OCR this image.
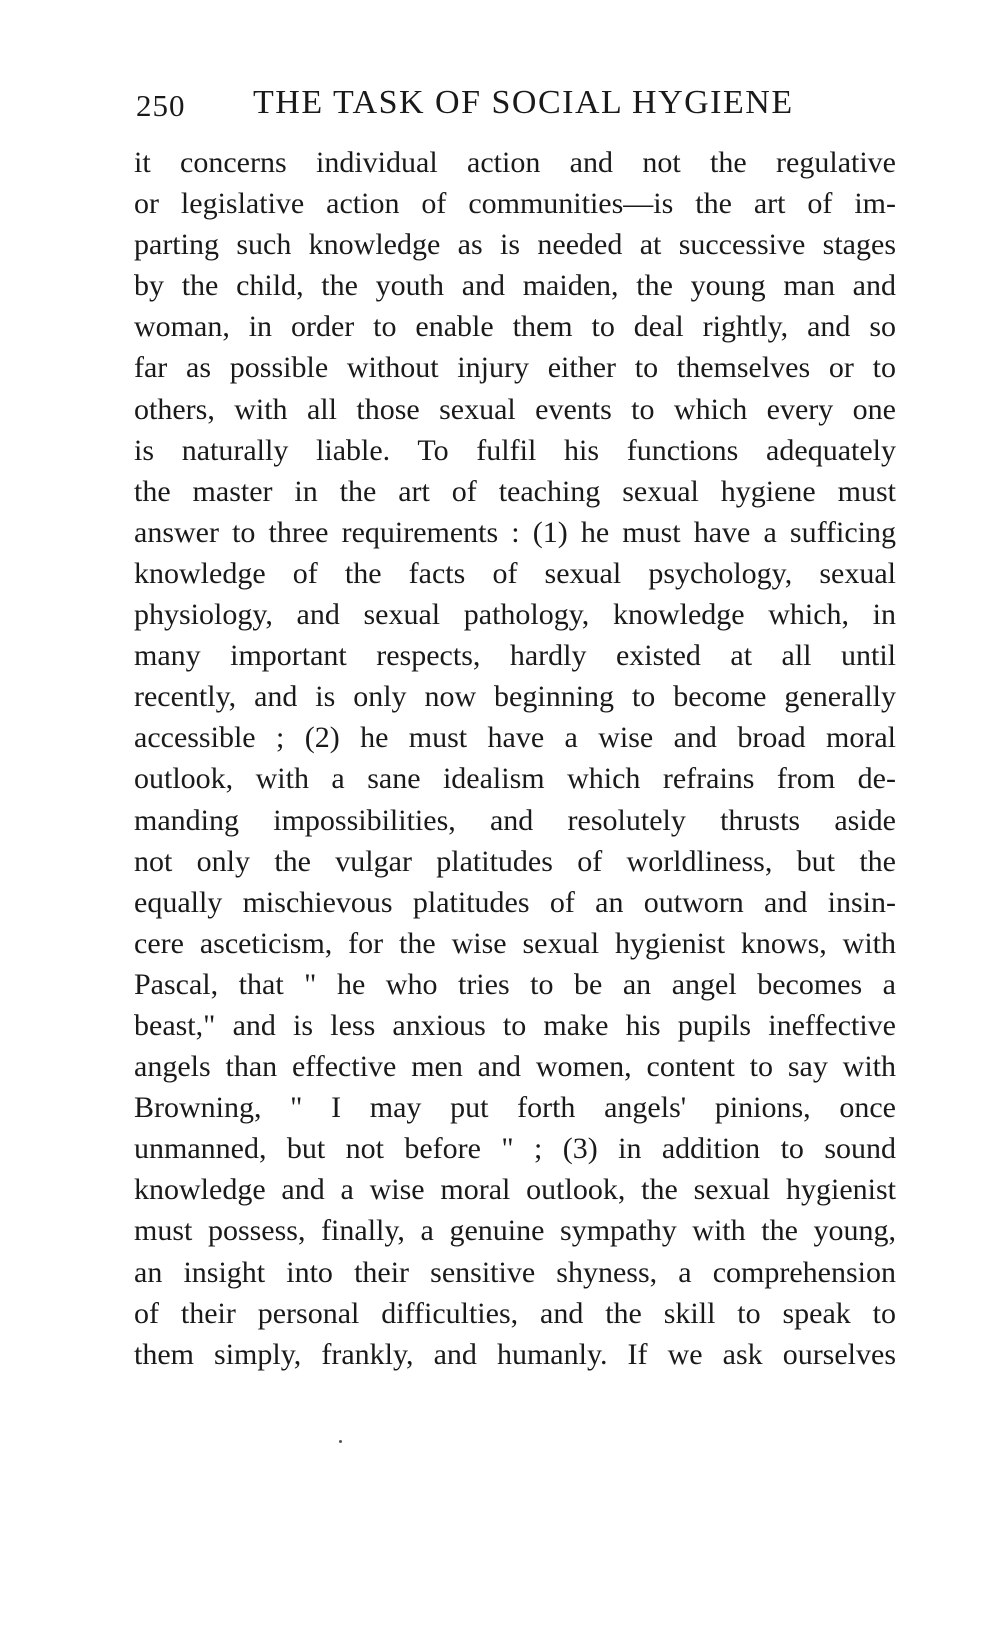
250 THE TASK OF SOCIAL HYGIENE
it concerns individual action and not the regulative
or legislative action of communities—is the art of im-
parting such knowledge as is needed at successive stages
by the child, the youth and maiden, the young man and
woman, in order to enable them to deal rightly, and so
far as possible without injury either to themselves or to
others, with all those sexual events to which every one
is naturally liable. To fulfil his functions adequately
the master in the art of teaching sexual hygiene must
answer to three requirements : (1) he must have a sufficing
knowledge of the facts of sexual psychology, sexual
physiology, and sexual pathology, knowledge which, in
many important respects, hardly existed at all until
recently, and is only now beginning to become generally
accessible ; (2) he must have a wise and broad moral
outlook, with a sane idealism which refrains from de-
manding impossibilities, and resolutely thrusts aside
not only the vulgar platitudes of worldliness, but the
equally mischievous platitudes of an outworn and insin-
cere asceticism, for the wise sexual hygienist knows, with
Pascal, that " he who tries to be an angel becomes a
beast," and is less anxious to make his pupils ineffective
angels than effective men and women, content to say with
Browning, " I may put forth angels' pinions, once
unmanned, but not before " ; (3) in addition to sound
knowledge and a wise moral outlook, the sexual hygienist
must possess, finally, a genuine sympathy with the young,
an insight into their sensitive shyness, a comprehension
of their personal difficulties, and the skill to speak to
them simply, frankly, and humanly. If we ask ourselves
